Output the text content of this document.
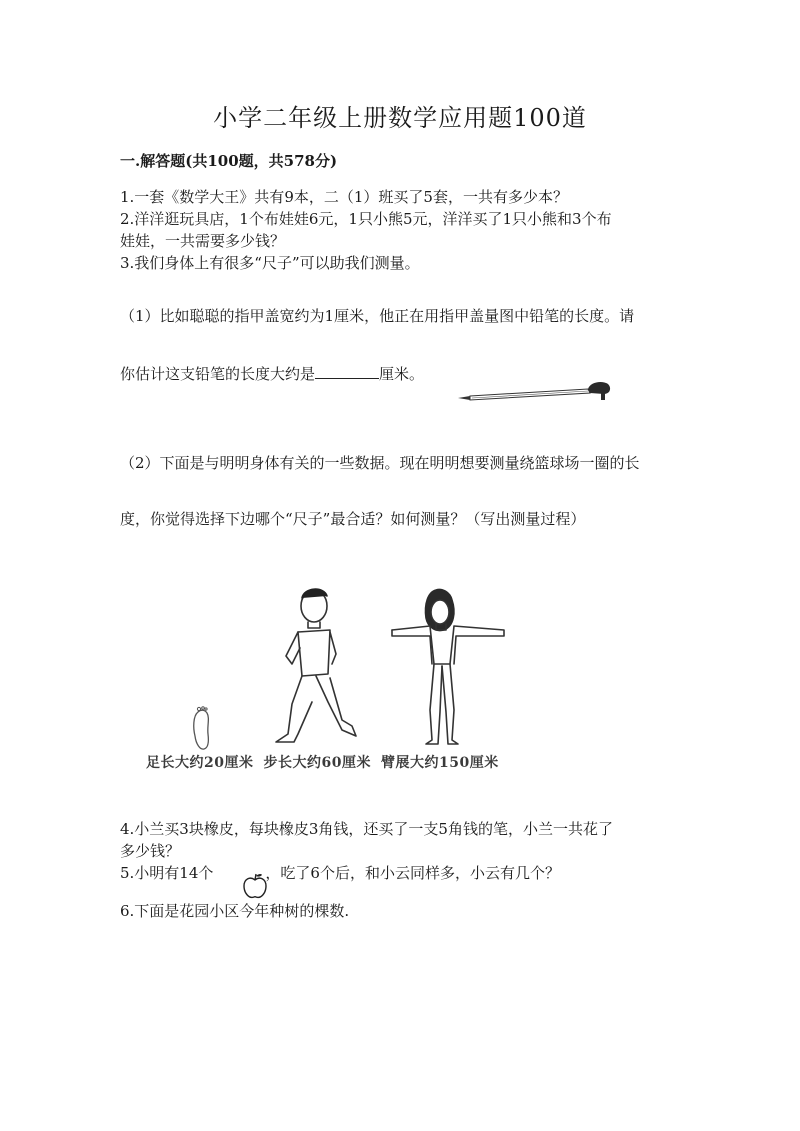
小学二年级上册数学应用题100道
一.解答题(共100题，共578分)
1.一套《数学大王》共有9本，二（1）班买了5套，一共有多少本？
2.洋洋逛玩具店，1个布娃娃6元，1只小熊5元，洋洋买了1只小熊和3个布
娃娃，一共需要多少钱？
3.我们身体上有很多“尺子”可以助我们测量。
（1）比如聪聪的指甲盖宽约为1厘米，他正在用指甲盖量图中铅笔的长度。请
你估计这支铅笔的长度大约是	厘米。
（2）下面是与明明身体有关的一些数据。现在明明想要测量绕篮球场一圈的长
度，你觉得选择下边哪个“尺子”最合适？如何测量？（写出测量过程）
足长大约20厘米 步长大约60厘米 臂展大约150厘米
4.小兰买3块橡皮，每块橡皮3角钱，还买了一支5角钱的笔，小兰一共花了
多少钱？
5.小明有14个	，吃了6个后，和小云同样多，小云有几个？
6.下面是花园小区今年种树的棵数.
